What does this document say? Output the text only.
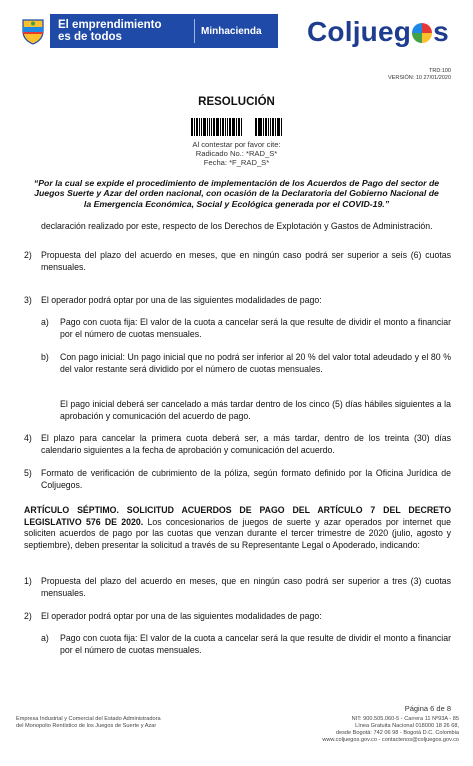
El emprendimiento
es de todos	Minhacienda Colju eg s
TRD:100
VERSIÓN: 10 27/01/2020
RESOLUCIÓN
Al contestar por favor cite:
Radicado No.: *RAD_S*
Fecha: *F_RAD_S*
“Por la cual se expide el procedimiento de implementación de los Acuerdos de Pago del sector de Juegos Suerte y Azar del orden nacional, con ocasión de la Declaratoria del Gobierno Nacional de la Emergencia Económica, Social y Ecológica generada por el COVID-19.”
declaración realizado por este, respecto de los Derechos de Explotación y Gastos de Administración.
2) Propuesta del plazo del acuerdo en meses, que en ningún caso podrá ser superior a seis (6) cuotas mensuales.
3) El operador podrá optar por una de las siguientes modalidades de pago:
a) Pago con cuota fija: El valor de la cuota a cancelar será la que resulte de dividir el monto a financiar por el número de cuotas mensuales.
b) Con pago inicial: Un pago inicial que no podrá ser inferior al 20 % del valor total adeudado y el 80 % del valor restante será dividido por el número de cuotas mensuales.
El pago inicial deberá ser cancelado a más tardar dentro de los cinco (5) días hábiles siguientes a la aprobación y comunicación del acuerdo de pago.
4) El plazo para cancelar la primera cuota deberá ser, a más tardar, dentro de los treinta (30) días calendario siguientes a la fecha de aprobación y comunicación del acuerdo.
5) Formato de verificación de cubrimiento de la póliza, según formato definido por la Oficina Jurídica de Coljuegos.
ARTÍCULO SÉPTIMO. SOLICITUD ACUERDOS DE PAGO DEL ARTÍCULO 7 DEL DECRETO LEGISLATIVO 576 DE 2020. Los concesionarios de juegos de suerte y azar operados por internet que soliciten acuerdos de pago por las cuotas que venzan durante el tercer trimestre de 2020 (julio, agosto y septiembre), deben presentar la solicitud a través de su Representante Legal o Apoderado, indicando:
1) Propuesta del plazo del acuerdo en meses, que en ningún caso podrá ser superior a tres (3) cuotas mensuales.
2) El operador podrá optar por una de las siguientes modalidades de pago:
a) Pago con cuota fija: El valor de la cuota a cancelar será la que resulte de dividir el monto a financiar por el número de cuotas mensuales.
Página 6 de 8
Empresa Industrial y Comercial del Estado Administradora
del Monopolio Rentístico de los Juegos de Suerte y Azar
NIT: 900.505.060-5 - Carrera 11 Nº93A - 85
Línea Gratuita Nacional 018000 18 26 68,
desde Bogotá: 742 06 98 - Bogotá D.C. Colombia
www.coljuegos.gov.co - contactenos@coljuegos.gov.co
